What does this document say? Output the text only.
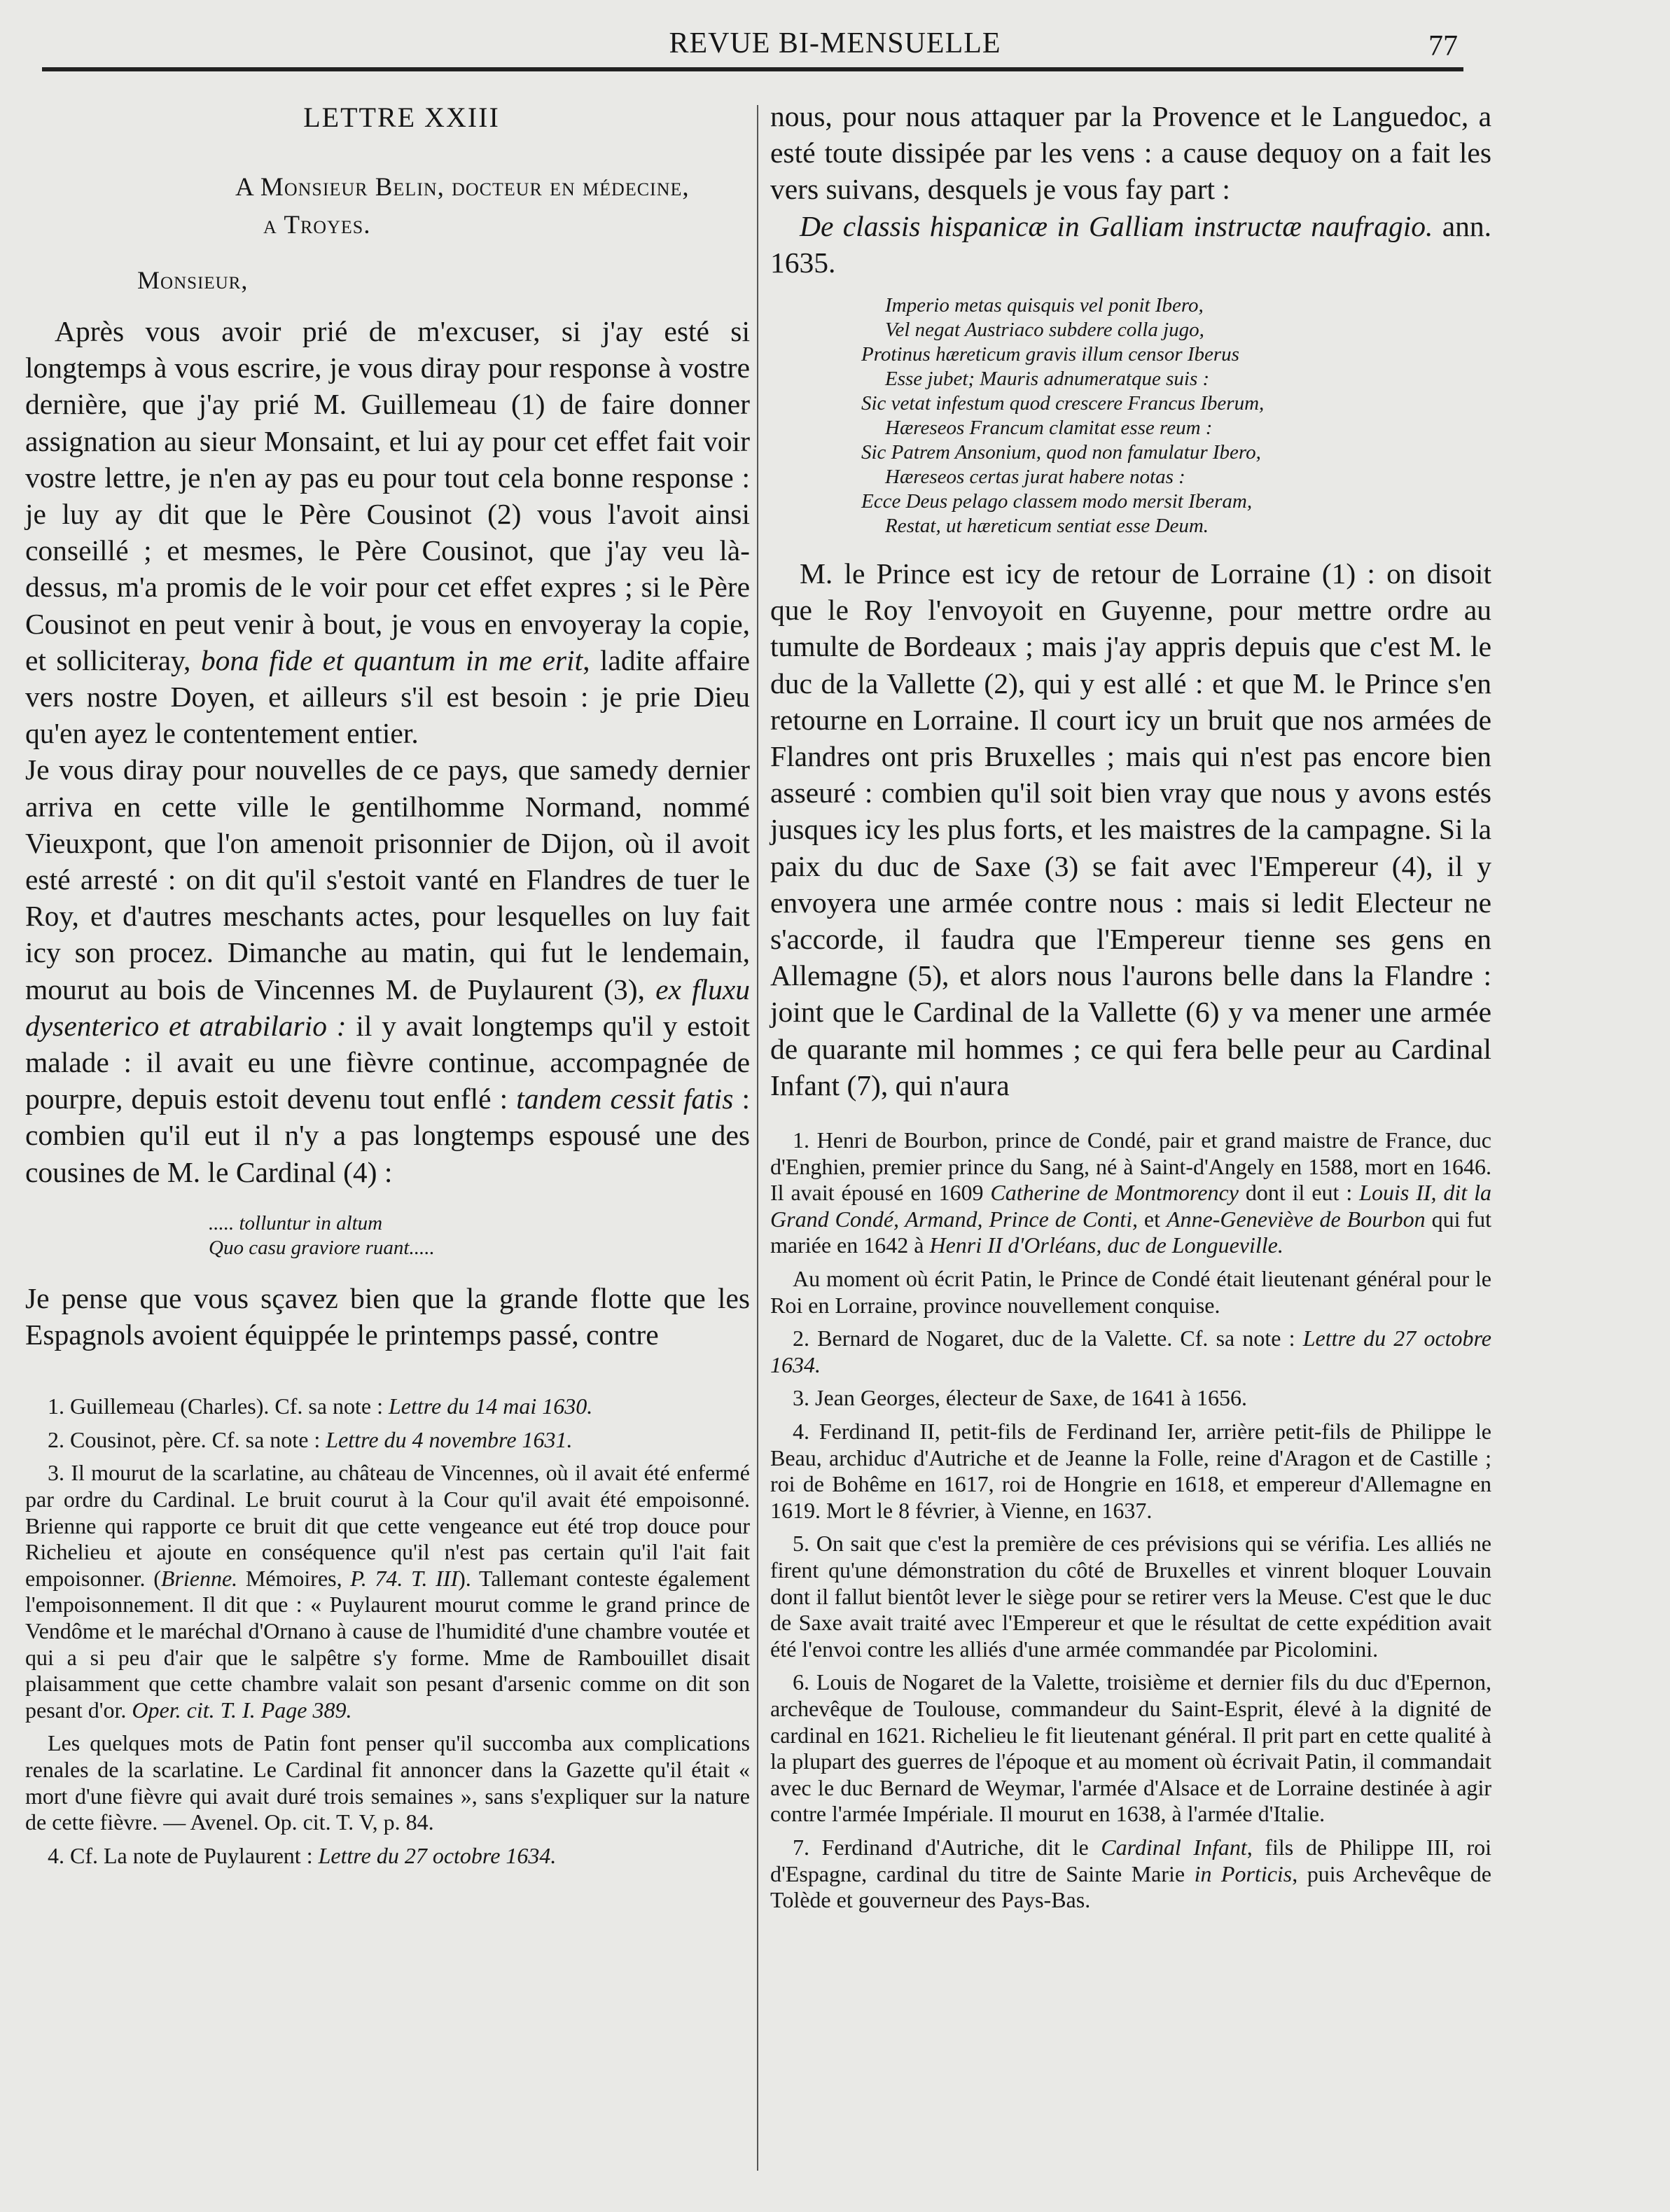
REVUE BI-MENSUELLE	77
LETTRE XXIII
A Monsieur Belin, docteur en médecine,
a Troyes.
Monsieur,

Après vous avoir prié de m'excuser, si j'ay esté si longtemps à vous escrire, je vous diray pour response à vostre dernière, que j'ay prié M. Guillemeau (1) de faire donner assignation au sieur Monsaint, et lui ay pour cet effet fait voir vostre lettre, je n'en ay pas eu pour tout cela bonne response : je luy ay dit que le Père Cousinot (2) vous l'avoit ainsi conseillé ; et mesmes, le Père Cousinot, que j'ay veu là-dessus, m'a promis de le voir pour cet effet expres ; si le Père Cousinot en peut venir à bout, je vous en envoyeray la copie, et solliciteray, bona fide et quantum in me erit, ladite affaire vers nostre Doyen, et ailleurs s'il est besoin : je prie Dieu qu'en ayez le contentement entier.

Je vous diray pour nouvelles de ce pays, que samedy dernier arriva en cette ville le gentilhomme Normand, nommé Vieuxpont, que l'on amenoit prisonnier de Dijon, où il avoit esté arresté : on dit qu'il s'estoit vanté en Flandres de tuer le Roy, et d'autres meschants actes, pour lesquelles on luy fait icy son procez. Dimanche au matin, qui fut le lendemain, mourut au bois de Vincennes M. de Puylaurent (3), ex fluxu dysenterico et atrabilario : il y avait longtemps qu'il y estoit malade : il avait eu une fièvre continue, accompagnée de pourpre, depuis estoit devenu tout enflé : tandem cessit fatis : combien qu'il eut il n'y a pas longtemps espousé une des cousines de M. le Cardinal (4) :

..... tolluntur in altum
Quo casu graviore ruant.....

Je pense que vous sçavez bien que la grande flotte que les Espagnols avoient équippée le printemps passé, contre

1. Guillemeau (Charles). Cf. sa note : Lettre du 14 mai 1630.

2. Cousinot, père. Cf. sa note : Lettre du 4 novembre 1631.

3. Il mourut de la scarlatine, au château de Vincennes, où il avait été enfermé par ordre du Cardinal. Le bruit courut à la Cour qu'il avait été empoisonné. Brienne qui rapporte ce bruit dit que cette vengeance eut été trop douce pour Richelieu et ajoute en conséquence qu'il n'est pas certain qu'il l'ait fait empoisonner. (Brienne. Mémoires, P. 74. T. III). Tallemant conteste également l'empoisonnement. Il dit que : « Puylaurent mourut comme le grand prince de Vendôme et le maréchal d'Ornano à cause de l'humidité d'une chambre voutée et qui a si peu d'air que le salpêtre s'y forme. Mme de Rambouillet disait plaisamment que cette chambre valait son pesant d'arsenic comme on dit son pesant d'or. Oper. cit. T. I. Page 389.

Les quelques mots de Patin font penser qu'il succomba aux complications renales de la scarlatine. Le Cardinal fit annoncer dans la Gazette qu'il était « mort d'une fièvre qui avait duré trois semaines », sans s'expliquer sur la nature de cette fièvre. — Avenel. Op. cit. T. V, p. 84.

4. Cf. La note de Puylaurent : Lettre du 27 octobre 1634.

nous, pour nous attaquer par la Provence et le Languedoc, a esté toute dissipée par les vens : a cause dequoy on a fait les vers suivans, desquels je vous fay part :
De classis hispanicæ in Galliam instructæ naufragio. ann. 1635.

Imperio metas quisquis vel ponit Ibero,
Vel negat Austriaco subdere colla jugo,
Protinus hæreticum gravis illum censor Iberus
Esse jubet; Mauris adnumeratque suis :
Sic vetat infestum quod crescere Francus Iberum,
Hæreseos Francum clamitat esse reum :
Sic Patrem Ansonium, quod non famulatur Ibero,
Hæreseos certas jurat habere notas :
Ecce Deus pelago classem modo mersit Iberam,
Restat, ut hæreticum sentiat esse Deum.

M. le Prince est icy de retour de Lorraine (1) : on disoit que le Roy l'envoyoit en Guyenne, pour mettre ordre au tumulte de Bordeaux ; mais j'ay appris depuis que c'est M. le duc de la Vallette (2), qui y est allé : et que M. le Prince s'en retourne en Lorraine. Il court icy un bruit que nos armées de Flandres ont pris Bruxelles ; mais qui n'est pas encore bien asseuré : combien qu'il soit bien vray que nous y avons estés jusques icy les plus forts, et les maistres de la campagne. Si la paix du duc de Saxe (3) se fait avec l'Empereur (4), il y envoyera une armée contre nous : mais si ledit Electeur ne s'accorde, il faudra que l'Empereur tienne ses gens en Allemagne (5), et alors nous l'aurons belle dans la Flandre : joint que le Cardinal de la Vallette (6) y va mener une armée de quarante mil hommes ; ce qui fera belle peur au Cardinal Infant (7), qui n'aura

1. Henri de Bourbon, prince de Condé, pair et grand maistre de France, duc d'Enghien, premier prince du Sang, né à Saint-d'Angely en 1588, mort en 1646. Il avait épousé en 1609 Catherine de Montmorency dont il eut : Louis II, dit la Grand Condé, Armand, Prince de Conti, et Anne-Geneviève de Bourbon qui fut mariée en 1642 à Henri II d'Orléans, duc de Longueville.

Au moment où écrit Patin, le Prince de Condé était lieutenant général pour le Roi en Lorraine, province nouvellement conquise.

2. Bernard de Nogaret, duc de la Valette. Cf. sa note : Lettre du 27 octobre 1634.

3. Jean Georges, électeur de Saxe, de 1641 à 1656.

4. Ferdinand II, petit-fils de Ferdinand Ier, arrière petit-fils de Philippe le Beau, archiduc d'Autriche et de Jeanne la Folle, reine d'Aragon et de Castille ; roi de Bohême en 1617, roi de Hongrie en 1618, et empereur d'Allemagne en 1619. Mort le 8 février, à Vienne, en 1637.

5. On sait que c'est la première de ces prévisions qui se vérifia. Les alliés ne firent qu'une démonstration du côté de Bruxelles et vinrent bloquer Louvain dont il fallut bientôt lever le siège pour se retirer vers la Meuse. C'est que le duc de Saxe avait traité avec l'Empereur et que le résultat de cette expédition avait été l'envoi contre les alliés d'une armée commandée par Picolomini.

6. Louis de Nogaret de la Valette, troisième et dernier fils du duc d'Epernon, archevêque de Toulouse, commandeur du Saint-Esprit, élevé à la dignité de cardinal en 1621. Richelieu le fit lieutenant général. Il prit part en cette qualité à la plupart des guerres de l'époque et au moment où écrivait Patin, il commandait avec le duc Bernard de Weymar, l'armée d'Alsace et de Lorraine destinée à agir contre l'armée Impériale. Il mourut en 1638, à l'armée d'Italie.

7. Ferdinand d'Autriche, dit le Cardinal Infant, fils de Philippe III, roi d'Espagne, cardinal du titre de Sainte Marie in Porticis, puis Archevêque de Tolède et gouverneur des Pays-Bas.
